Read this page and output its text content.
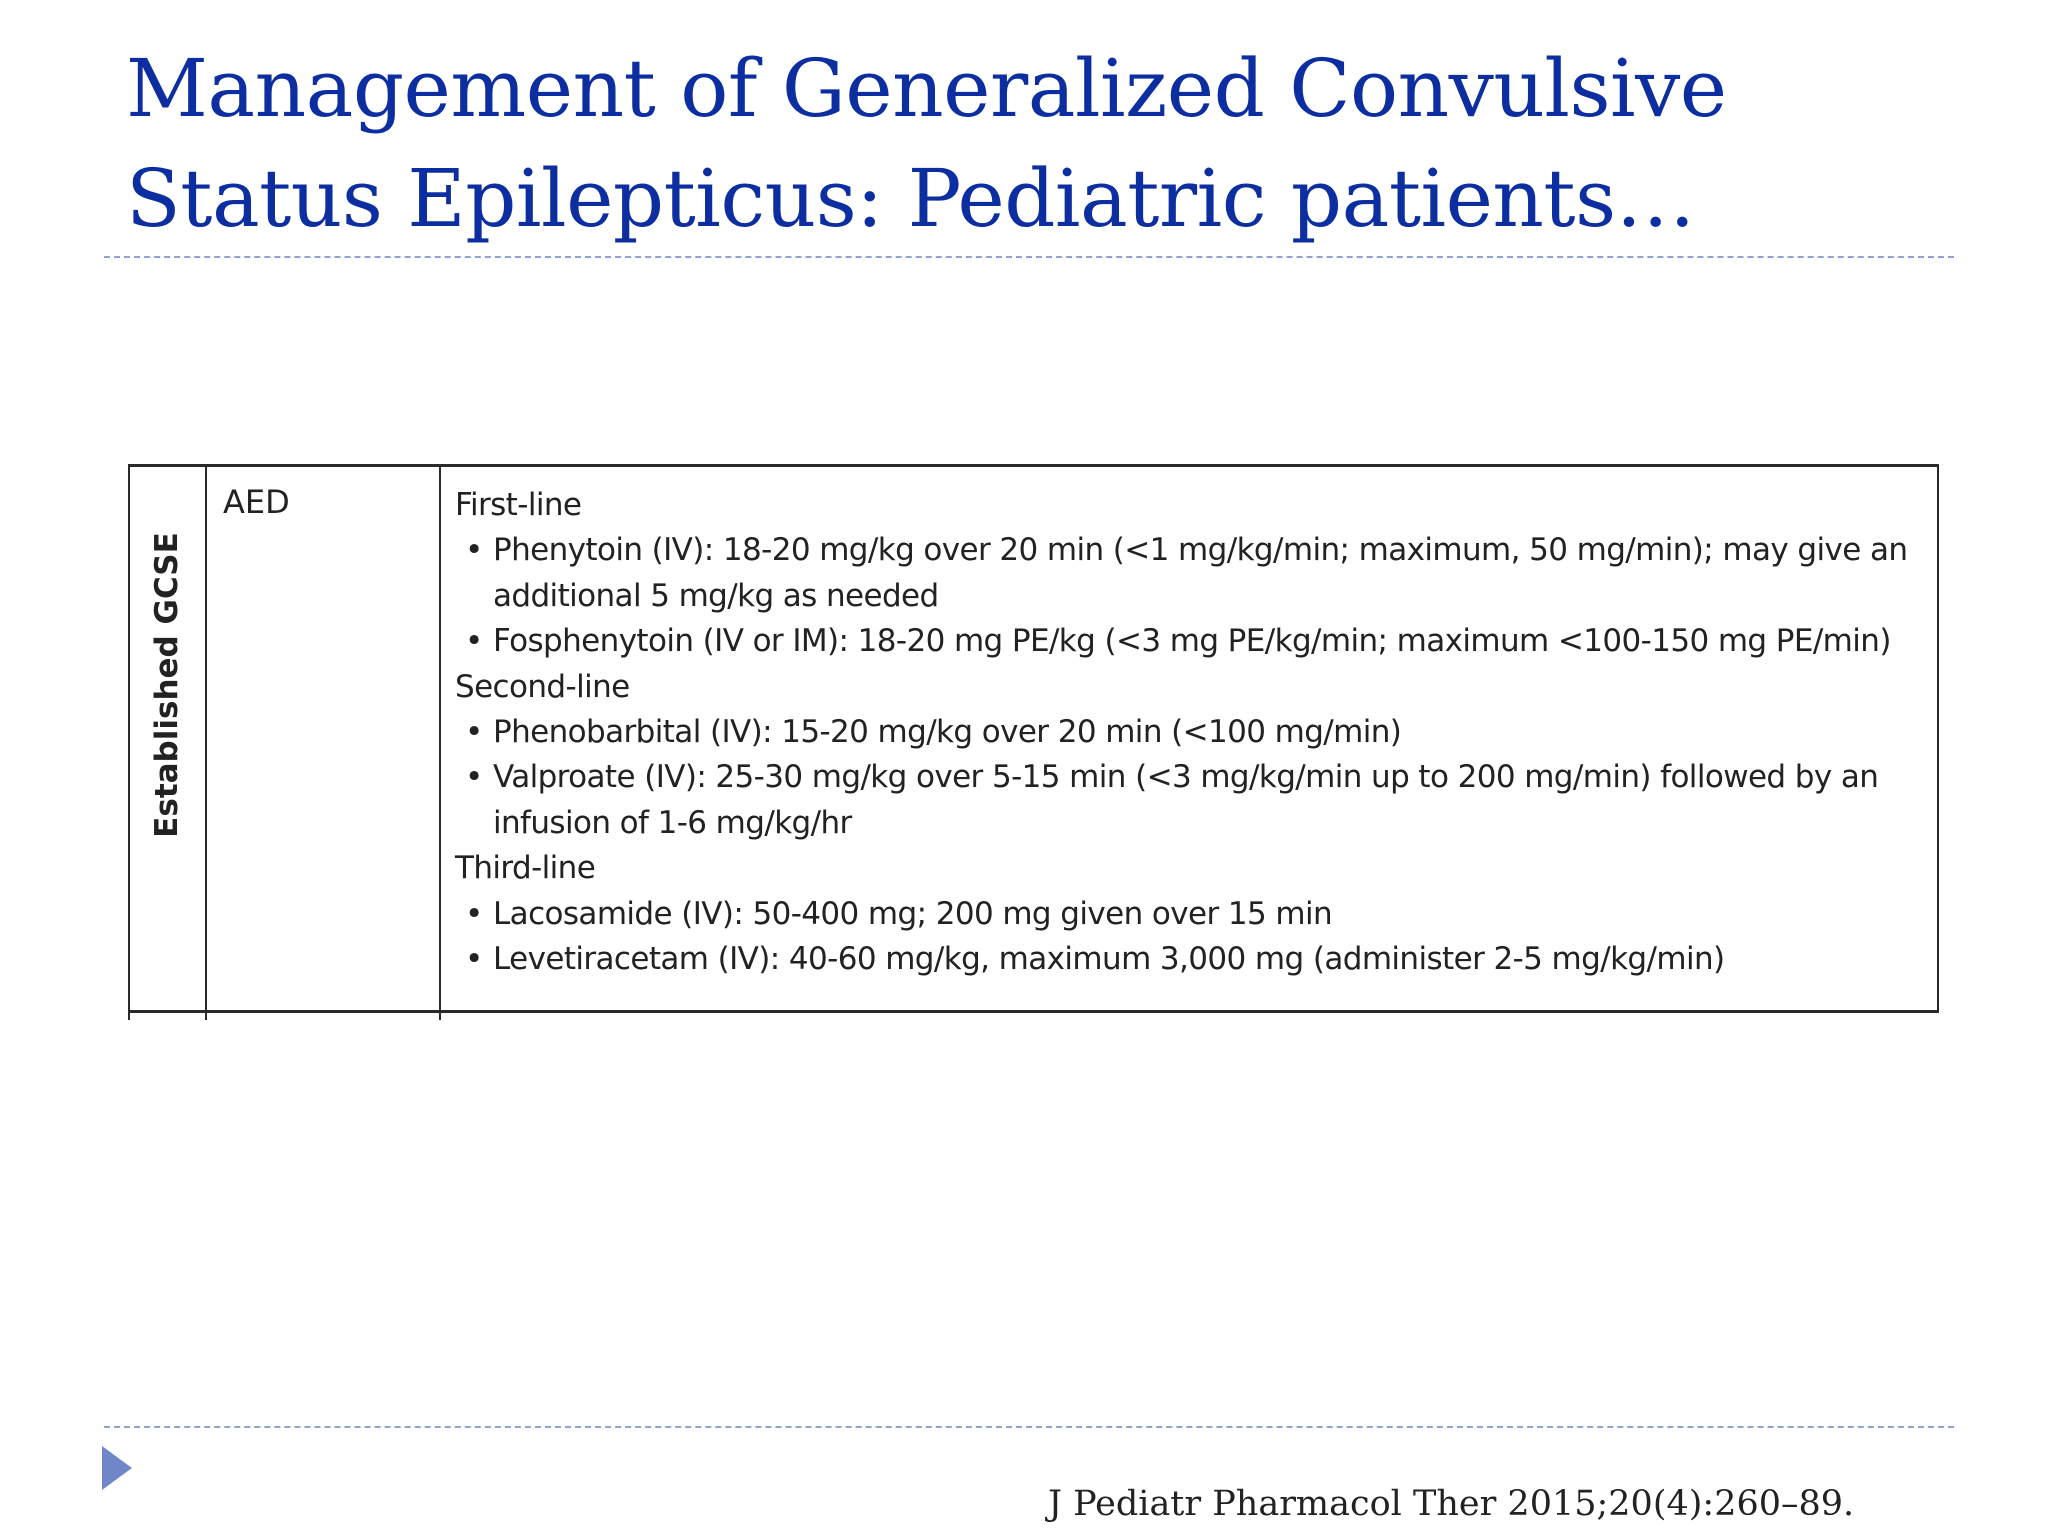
Management of Generalized Convulsive Status Epilepticus: Pediatric patients…
Established GCSE
AED	First-line

• Phenytoin (IV): 18-20 mg/kg over 20 min (<1 mg/kg/min; maximum, 50 mg/min); may give an additional 5 mg/kg as needed
• Fosphenytoin (IV or IM): 18-20 mg PE/kg (<3 mg PE/kg/min; maximum <100-150 mg PE/min)

Second-line

• Phenobarbital (IV): 15-20 mg/kg over 20 min (<100 mg/min)
• Valproate (IV): 25-30 mg/kg over 5-15 min (<3 mg/kg/min up to 200 mg/min) followed by an infusion of 1-6 mg/kg/hr

Third-line

• Lacosamide (IV): 50-400 mg; 200 mg given over 15 min
• Levetiracetam (IV): 40-60 mg/kg, maximum 3,000 mg (administer 2-5 mg/kg/min)
J Pediatr Pharmacol Ther 2015;20(4):260–89.
